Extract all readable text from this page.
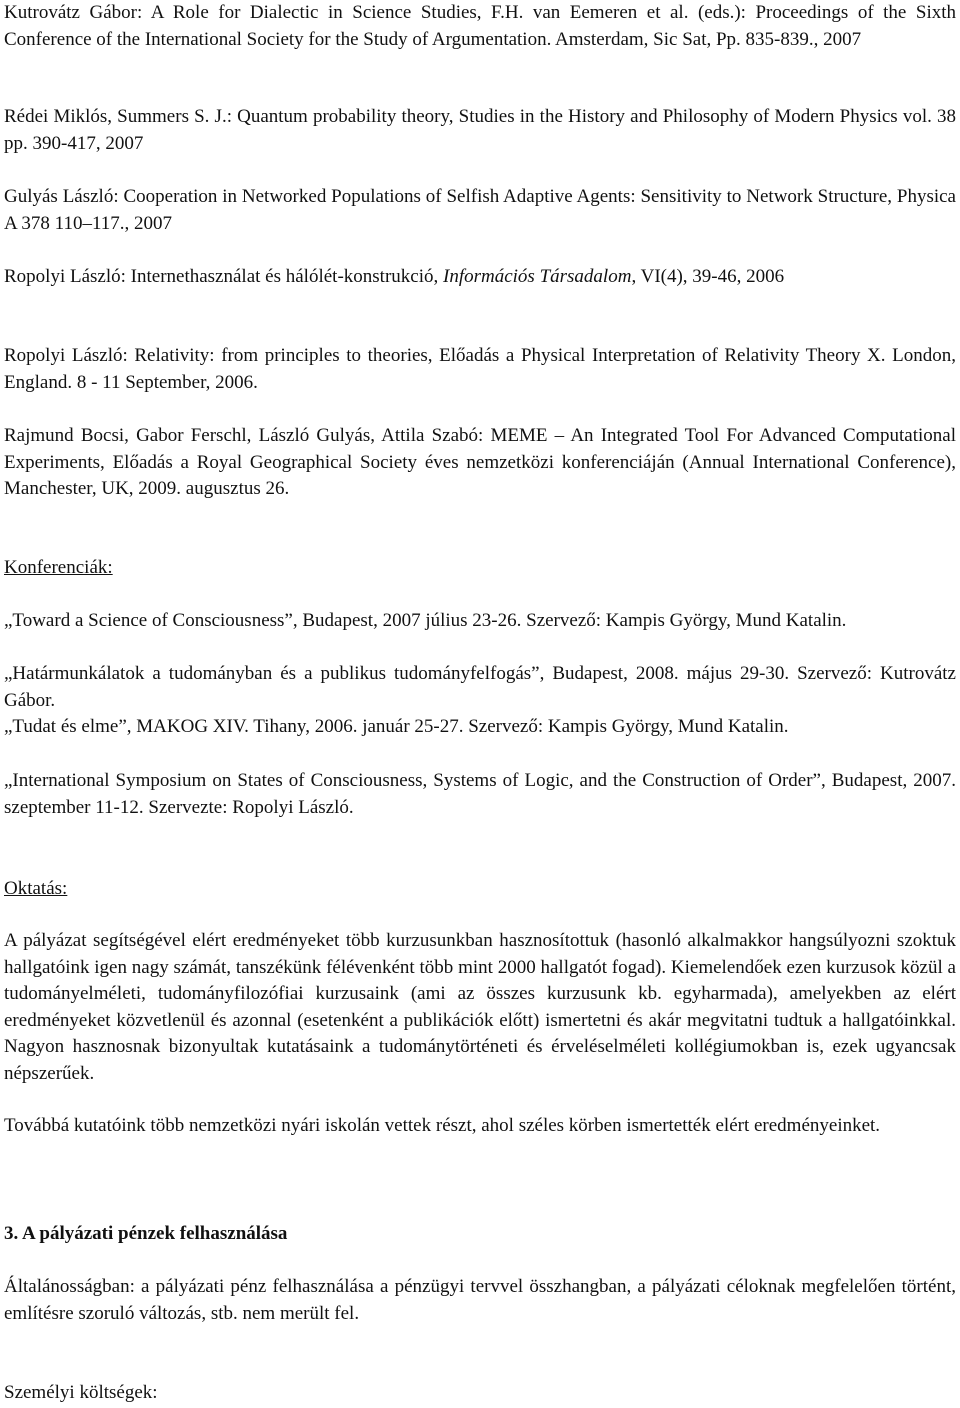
Kutrovátz Gábor: A Role for Dialectic in Science Studies, F.H. van Eemeren et al. (eds.): Proceedings of the Sixth Conference of the International Society for the Study of Argumentation. Amsterdam, Sic Sat, Pp. 835-839., 2007

Rédei Miklós, Summers S. J.: Quantum probability theory, Studies in the History and Philosophy of Modern Physics vol. 38 pp. 390-417, 2007

Gulyás László: Cooperation in Networked Populations of Selfish Adaptive Agents: Sensitivity to Network Structure, Physica A 378 110–117., 2007

Ropolyi László: Internethasználat és hálólét-konstrukció, Információs Társadalom, VI(4), 39-46, 2006

Ropolyi László: Relativity: from principles to theories, Előadás a Physical Interpretation of Relativity Theory X. London, England. 8 - 11 September, 2006.

Rajmund Bocsi, Gabor Ferschl, László Gulyás, Attila Szabó: MEME – An Integrated Tool For Advanced Computational Experiments, Előadás a Royal Geographical Society éves nemzetközi konferenciáján (Annual International Conference), Manchester, UK, 2009. augusztus 26.

Konferenciák:

„Toward a Science of Consciousness”, Budapest, 2007 július 23-26. Szervező: Kampis György, Mund Katalin.

„Határmunkálatok a tudományban és a publikus tudományfelfogás”, Budapest, 2008. május 29-30. Szervező: Kutrovátz Gábor.

„Tudat és elme”, MAKOG XIV. Tihany, 2006. január 25-27. Szervező: Kampis György, Mund Katalin.

„International Symposium on States of Consciousness, Systems of Logic, and the Construction of Order”, Budapest, 2007. szeptember 11-12. Szervezte: Ropolyi László.

Oktatás:

A pályázat segítségével elért eredményeket több kurzusunkban hasznosítottuk (hasonló alkalmakkor hangsúlyozni szoktuk hallgatóink igen nagy számát, tanszékünk félévenként több mint 2000 hallgatót fogad). Kiemelendőek ezen kurzusok közül a tudományelméleti, tudományfilozófiai kurzusaink (ami az összes kurzusunk kb. egyharmada), amelyekben az elért eredményeket közvetlenül és azonnal (esetenként a publikációk előtt) ismertetni és akár megvitatni tudtuk a hallgatóinkkal. Nagyon hasznosnak bizonyultak kutatásaink a tudománytörténeti és érveléselméleti kollégiumokban is, ezek ugyancsak népszerűek.

Továbbá kutatóink több nemzetközi nyári iskolán vettek részt, ahol széles körben ismertették elért eredményeinket.

3. A pályázati pénzek felhasználása

Általánosságban: a pályázati pénz felhasználása a pénzügyi tervvel összhangban, a pályázati céloknak megfelelően történt, említésre szoruló változás, stb. nem merült fel.

Személyi költségek:
